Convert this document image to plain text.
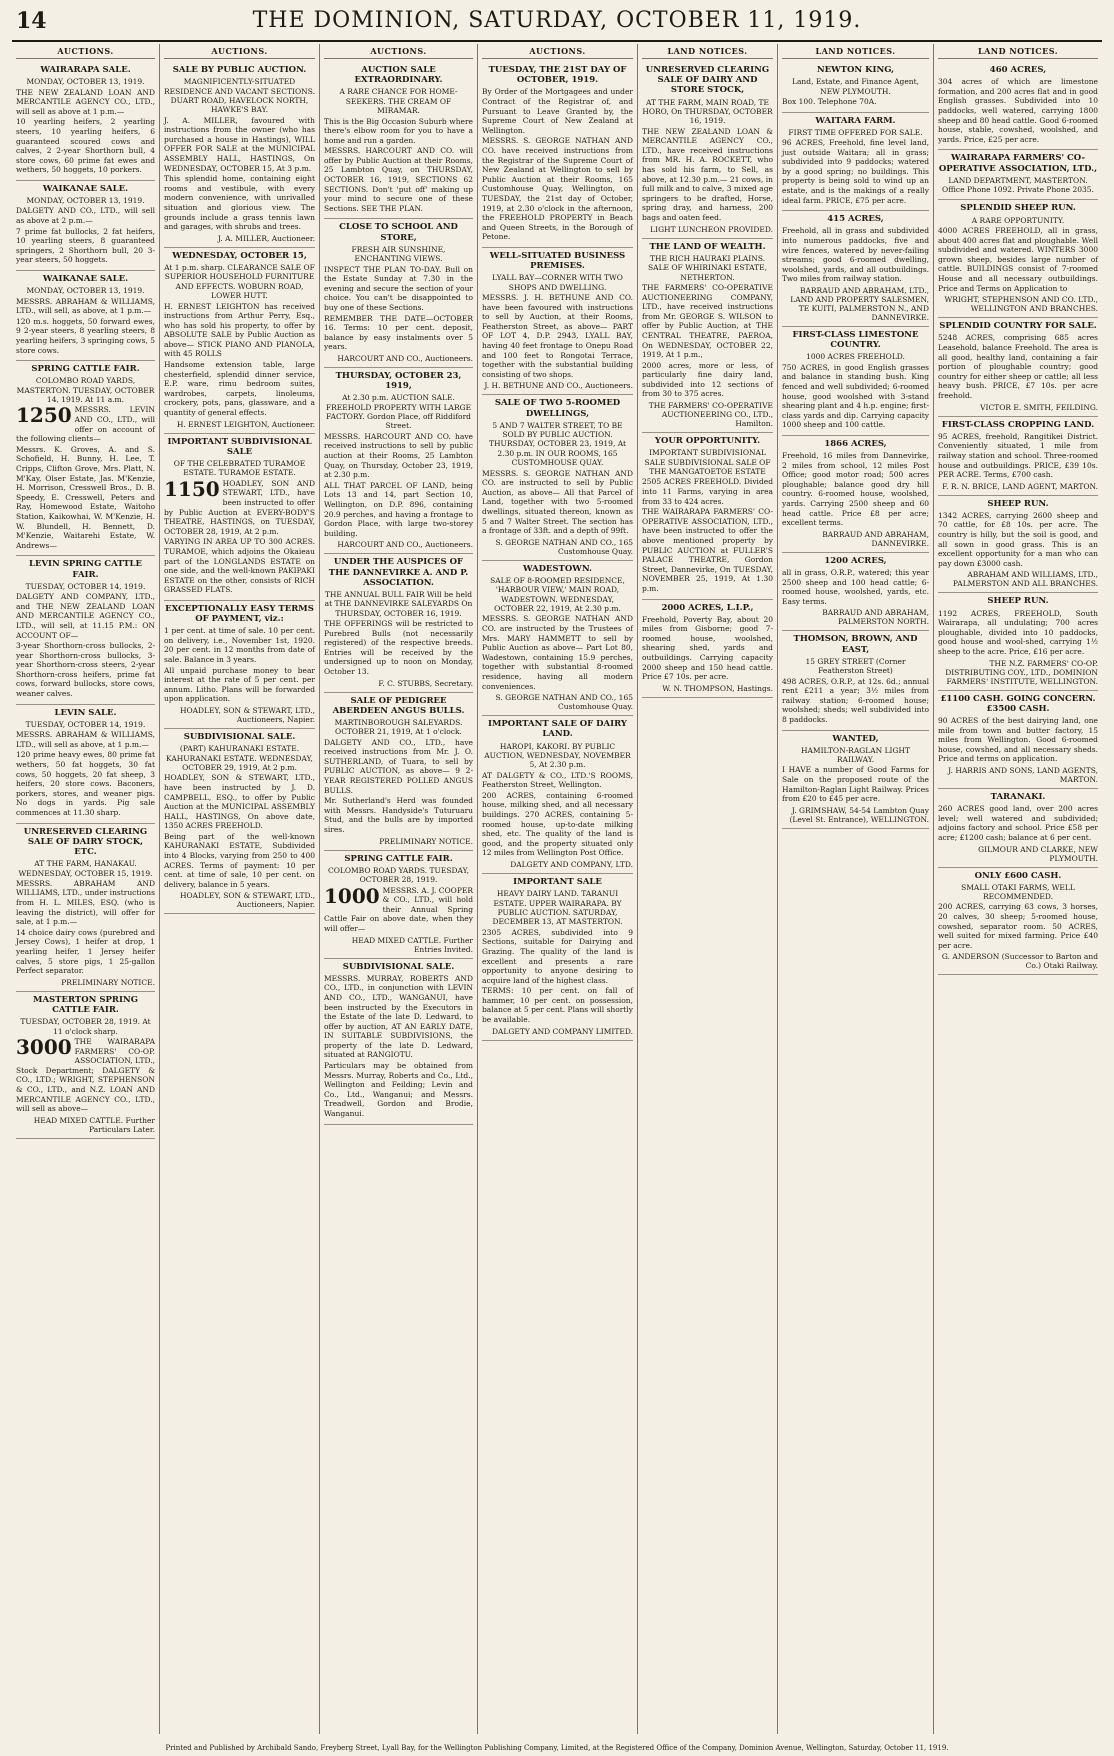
14	THE DOMINION, SATURDAY, OCTOBER 11, 1919.
AUCTIONS.
WAIRARAPA SALE.
MONDAY, OCTOBER 13, 1919.

THE NEW ZEALAND LOAN AND MERCANTILE AGENCY CO., LTD., will sell as above at 1 p.m.—

10 yearling heifers, 2 yearling steers, 10 yearling heifers, 6 guaranteed scoured cows and calves, 2 2-year Shorthorn bull, 4 store cows, 60 prime fat ewes and wethers, 50 hoggets, 10 porkers.

WAIKANAE SALE.
MONDAY, OCTOBER 13, 1919.

DALGETY AND CO., LTD., will sell as above at 2 p.m.—

7 prime fat bullocks, 2 fat heifers, 10 yearling steers, 8 guaranteed springers, 2 Shorthorn bull, 20 3-year steers, 50 hoggets.

WAIKANAE SALE.
MONDAY, OCTOBER 13, 1919.

MESSRS. ABRAHAM & WILLIAMS, LTD., will sell, as above, at 1 p.m.—

120 m.s. hoggets, 50 forward ewes, 9 2-year steers, 8 yearling steers, 8 yearling heifers, 3 springing cows, 5 store cows.

SPRING CATTLE FAIR.
COLOMBO ROAD YARDS, MASTERTON. TUESDAY, OCTOBER 14, 1919. At 11 a.m.
1250 MESSRS. LEVIN AND CO., LTD., will offer on account of the following clients—

Messrs. K. Groves, A. and S. Schofield, H. Bunny, H. Lee, T. Cripps, Clifton Grove, Mrs. Platt, N. M'Kay, Olser Estate, Jas. M'Kenzie, H. Morrison, Cresswell Bros., D. B. Speedy, E. Cresswell, Peters and Ray, Homewood Estate, Waitoho Station, Kaikowhai, W. M'Kenzie, H. W. Blundell, H. Bennett, D. M'Kenzie, Waitarehi Estate, W. Andrews—

LEVIN SPRING CATTLE FAIR.
TUESDAY, OCTOBER 14, 1919.

DALGETY AND COMPANY, LTD., and THE NEW ZEALAND LOAN AND MERCANTILE AGENCY CO., LTD., will sell, at 11.15 P.M.: ON ACCOUNT OF—

3-year Shorthorn-cross bullocks, 2-year Shorthorn-cross bullocks, 3-year Shorthorn-cross steers, 2-year Shorthorn-cross heifers, prime fat cows, forward bullocks, store cows, weaner calves.

LEVIN SALE.
TUESDAY, OCTOBER 14, 1919.

MESSRS. ABRAHAM & WILLIAMS, LTD., will sell as above, at 1 p.m.—

120 prime heavy ewes, 80 prime fat wethers, 50 fat hoggets, 30 fat cows, 50 hoggets, 20 fat sheep, 3 heifers, 20 store cows. Baconers, porkers, stores, and weaner pigs. No dogs in yards. Pig sale commences at 11.30 sharp.

UNRESERVED CLEARING SALE OF DAIRY STOCK, ETC.
AT THE FARM, HANAKAU. WEDNESDAY, OCTOBER 15, 1919.

MESSRS. ABRAHAM AND WILLIAMS, LTD., under instructions from H. L. MILES, ESQ. (who is leaving the district), will offer for sale, at 1 p.m.—

14 choice dairy cows (purebred and Jersey Cows), 1 heifer at drop, 1 yearling heifer, 1 Jersey heifer calves, 5 store pigs, 1 25-gallon Perfect separator.

PRELIMINARY NOTICE.
MASTERTON SPRING CATTLE FAIR.
TUESDAY, OCTOBER 28, 1919. At 11 o'clock sharp.
3000 THE WAIRARAPA FARMERS' CO-OP. ASSOCIATION, LTD., Stock Department; DALGETY & CO., LTD.; WRIGHT, STEPHENSON & CO., LTD., and N.Z. LOAN AND MERCANTILE AGENCY CO., LTD., will sell as above—

HEAD MIXED CATTLE. Further Particulars Later.
AUCTIONS.
SALE BY PUBLIC AUCTION.
MAGNIFICENTLY-SITUATED RESIDENCE AND VACANT SECTIONS. DUART ROAD, HAVELOCK NORTH, HAWKE'S BAY.

J. A. MILLER, favoured with instructions from the owner (who has purchased a house in Hastings), WILL OFFER FOR SALE at the MUNICIPAL ASSEMBLY HALL, HASTINGS, On WEDNESDAY, OCTOBER 15, At 3 p.m.

This splendid home, containing eight rooms and vestibule, with every modern convenience, with unrivalled situation and glorious view. The grounds include a grass tennis lawn and garages, with shrubs and trees.

J. A. MILLER, Auctioneer.
WEDNESDAY, OCTOBER 15,
At 1 p.m. sharp. CLEARANCE SALE OF SUPERIOR HOUSEHOLD FURNITURE AND EFFECTS. WOBURN ROAD, LOWER HUTT.

H. ERNEST LEIGHTON has received instructions from Arthur Perry, Esq., who has sold his property, to offer by ABSOLUTE SALE by Public Auction as above— STICK PIANO AND PIANOLA, with 45 ROLLS

Handsome extension table, large chesterfield, splendid dinner service, E.P. ware, rimu bedroom suites, wardrobes, carpets, linoleums, crockery, pots, pans, glassware, and a quantity of general effects.

H. ERNEST LEIGHTON, Auctioneer.
IMPORTANT SUBDIVISIONAL SALE
OF THE CELEBRATED TURAMOE ESTATE. TURAMOE ESTATE.
1150 HOADLEY, SON AND STEWART, LTD., have been instructed to offer by Public Auction at EVERY-BODY'S THEATRE, HASTINGS, on TUESDAY, OCTOBER 28, 1919, At 2 p.m.

VARYING IN AREA UP TO 300 ACRES. TURAMOE, which adjoins the Okaieau part of the LONGLANDS ESTATE on one side, and the well-known PAKIPAKI ESTATE on the other, consists of RICH GRASSED FLATS.

EXCEPTIONALLY EASY TERMS OF PAYMENT, viz.:

1 per cent. at time of sale. 10 per cent. on delivery, i.e., November 1st, 1920. 20 per cent. in 12 months from date of sale. Balance in 3 years.

All unpaid purchase money to bear interest at the rate of 5 per cent. per annum. Litho. Plans will be forwarded upon application.

HOADLEY, SON & STEWART, LTD., Auctioneers, Napier.
SUBDIVISIONAL SALE.
(PART) KAHURANAKI ESTATE. KAHURANAKI ESTATE. WEDNESDAY, OCTOBER 29, 1919, At 2 p.m.

HOADLEY, SON & STEWART, LTD., have been instructed by J. D. CAMPBELL, ESQ., to offer by Public Auction at the MUNICIPAL ASSEMBLY HALL, HASTINGS, On above date, 1350 ACRES FREEHOLD.

Being part of the well-known KAHURANAKI ESTATE, Subdivided into 4 Blocks, varying from 250 to 400 ACRES. Terms of payment: 10 per cent. at time of sale, 10 per cent. on delivery, balance in 5 years.

HOADLEY, SON & STEWART, LTD., Auctioneers, Napier.
AUCTIONS.
AUCTION SALE EXTRAORDINARY.
A RARE CHANCE FOR HOME-SEEKERS. THE CREAM OF MIRAMAR.

This is the Big Occasion Suburb where there's elbow room for you to have a home and run a garden.

MESSRS. HARCOURT AND CO. will offer by Public Auction at their Rooms, 25 Lambton Quay, on THURSDAY, OCTOBER 16, 1919, SECTIONS 62 SECTIONS. Don't 'put off' making up your mind to secure one of these Sections. SEE THE PLAN.

CLOSE TO SCHOOL AND STORE,
FRESH AIR SUNSHINE, ENCHANTING VIEWS.

INSPECT THE PLAN TO-DAY. Bull on the Estate Sunday at 7.30 in the evening and secure the section of your choice. You can't be disappointed to buy one of these Sections.

REMEMBER THE DATE—OCTOBER 16. Terms: 10 per cent. deposit, balance by easy instalments over 5 years.

HARCOURT AND CO., Auctioneers.
THURSDAY, OCTOBER 23, 1919,
At 2.30 p.m. AUCTION SALE. FREEHOLD PROPERTY WITH LARGE FACTORY. Gordon Place, off Riddiford Street.

MESSRS. HARCOURT AND CO. have received instructions to sell by public auction at their Rooms, 25 Lambton Quay, on Thursday, October 23, 1919, at 2.30 p.m.

ALL THAT PARCEL OF LAND, being Lots 13 and 14, part Section 10, Wellington, on D.P. 896, containing 20.9 perches, and having a frontage to Gordon Place, with large two-storey building.

HARCOURT AND CO., Auctioneers.
UNDER THE AUSPICES OF THE DANNEVIRKE A. AND P. ASSOCIATION.
THE ANNUAL BULL FAIR Will be held at THE DANNEVIRKE SALEYARDS On THURSDAY, OCTOBER 16, 1919.

THE OFFERINGS will be restricted to Purebred Bulls (not necessarily registered) of the respective breeds. Entries will be received by the undersigned up to noon on Monday, October 13.

F. C. STUBBS, Secretary.
SALE OF PEDIGREE ABERDEEN ANGUS BULLS.
MARTINBOROUGH SALEYARDS. OCTOBER 21, 1919, At 1 o'clock.

DALGETY AND CO., LTD., have received instructions from Mr. J. O. SUTHERLAND, of Tuara, to sell by PUBLIC AUCTION, as above— 9 2-YEAR REGISTERED POLLED ANGUS BULLS.

Mr. Sutherland's Herd was founded with Messrs. Handyside's Tuturuaru Stud, and the bulls are by imported sires.

PRELIMINARY NOTICE.
SPRING CATTLE FAIR.
COLOMBO ROAD YARDS. TUESDAY, OCTOBER 28, 1919.
1000 MESSRS. A. J. COOPER & CO., LTD., will hold their Annual Spring Cattle Fair on above date, when they will offer—

HEAD MIXED CATTLE. Further Entries Invited.
SUBDIVISIONAL SALE.

MESSRS. MURRAY, ROBERTS AND CO., LTD., in conjunction with LEVIN AND CO., LTD., WANGANUI, have been instructed by the Executors in the Estate of the late D. Ledward, to offer by auction, AT AN EARLY DATE, IN SUITABLE SUBDIVISIONS, the property of the late D. Ledward, situated at RANGIOTU.

Particulars may be obtained from Messrs. Murray, Roberts and Co., Ltd., Wellington and Feilding; Levin and Co., Ltd., Wanganui; and Messrs. Treadwell, Gordon and Brodie, Wanganui.

AUCTIONS.
TUESDAY, THE 21ST DAY OF OCTOBER, 1919.

By Order of the Mortgagees and under Contract of the Registrar of, and Pursuant to Leave Granted by, the Supreme Court of New Zealand at Wellington.

MESSRS. S. GEORGE NATHAN AND CO. have received instructions from the Registrar of the Supreme Court of New Zealand at Wellington to sell by Public Auction at their Rooms, 165 Customhouse Quay, Wellington, on TUESDAY, the 21st day of October, 1919, at 2.30 o'clock in the afternoon, the FREEHOLD PROPERTY in Beach and Queen Streets, in the Borough of Petone.

WELL-SITUATED BUSINESS PREMISES.
LYALL BAY—CORNER WITH TWO SHOPS AND DWELLING.

MESSRS. J. H. BETHUNE AND CO. have been favoured with instructions to sell by Auction, at their Rooms, Featherston Street, as above— PART OF LOT 4, D.P. 2943, LYALL BAY, having 40 feet frontage to Onepu Road and 100 feet to Rongotai Terrace, together with the substantial building consisting of two shops.

J. H. BETHUNE AND CO., Auctioneers.
SALE OF TWO 5-ROOMED DWELLINGS,
5 AND 7 WALTER STREET, TO BE SOLD BY PUBLIC AUCTION. THURSDAY, OCTOBER 23, 1919, At 2.30 p.m. IN OUR ROOMS, 165 CUSTOMHOUSE QUAY.

MESSRS. S. GEORGE NATHAN AND CO. are instructed to sell by Public Auction, as above— All that Parcel of Land, together with two 5-roomed dwellings, situated thereon, known as 5 and 7 Walter Street. The section has a frontage of 33ft. and a depth of 99ft.

S. GEORGE NATHAN AND CO., 165 Customhouse Quay.
WADESTOWN.
SALE OF 8-ROOMED RESIDENCE, 'HARBOUR VIEW,' MAIN ROAD, WADESTOWN. WEDNESDAY, OCTOBER 22, 1919, At 2.30 p.m.

MESSRS. S. GEORGE NATHAN AND CO. are instructed by the Trustees of Mrs. MARY HAMMETT to sell by Public Auction as above— Part Lot 80, Wadestown, containing 15.9 perches, together with substantial 8-roomed residence, having all modern conveniences.

S. GEORGE NATHAN AND CO., 165 Customhouse Quay.
IMPORTANT SALE OF DAIRY LAND.
HAROPI, KAKORI. BY PUBLIC AUCTION, WEDNESDAY, NOVEMBER 5, At 2.30 p.m.

AT DALGETY & CO., LTD.'S ROOMS, Featherston Street, Wellington.

200 ACRES, containing 6-roomed house, milking shed, and all necessary buildings. 270 ACRES, containing 5-roomed house, up-to-date milking shed, etc. The quality of the land is good, and the property situated only 12 miles from Wellington Post Office.

DALGETY AND COMPANY, LTD.
IMPORTANT SALE
HEAVY DAIRY LAND. TARANUI ESTATE. UPPER WAIRARAPA. BY PUBLIC AUCTION. SATURDAY, DECEMBER 13, AT MASTERTON.

2305 ACRES, subdivided into 9 Sections, suitable for Dairying and Grazing. The quality of the land is excellent and presents a rare opportunity to anyone desiring to acquire land of the highest class.

TERMS: 10 per cent. on fall of hammer, 10 per cent. on possession, balance at 5 per cent. Plans will shortly be available.

DALGETY AND COMPANY LIMITED.
LAND NOTICES.
UNRESERVED CLEARING SALE OF DAIRY AND STORE STOCK,
AT THE FARM, MAIN ROAD, TE HORO, On THURSDAY, OCTOBER 16, 1919.

THE NEW ZEALAND LOAN & MERCANTILE AGENCY CO., LTD., have received instructions from MR. H. A. ROCKETT, who has sold his farm, to Sell, as above, at 12.30 p.m.— 21 cows, in full milk and to calve, 3 mixed age springers to be drafted, Horse, spring dray, and harness, 200 bags and oaten feed.

LIGHT LUNCHEON PROVIDED.
THE LAND OF WEALTH.
THE RICH HAURAKI PLAINS. SALE OF WHIRINAKI ESTATE, NETHERTON.

THE FARMERS' CO-OPERATIVE AUCTIONEERING COMPANY, LTD., have received instructions from Mr. GEORGE S. WILSON to offer by Public Auction, at THE CENTRAL THEATRE, PAEROA, On WEDNESDAY, OCTOBER 22, 1919, At 1 p.m.,

2000 acres, more or less, of particularly fine dairy land, subdivided into 12 sections of from 30 to 375 acres.

THE FARMERS' CO-OPERATIVE AUCTIONEERING CO., LTD., Hamilton.
YOUR OPPORTUNITY.
IMPORTANT SUBDIVISIONAL SALE SUBDIVISIONAL SALE OF THE MANGATOETOE ESTATE

2505 ACRES FREEHOLD. Divided into 11 Farms, varying in area from 33 to 424 acres.

THE WAIRARAPA FARMERS' CO-OPERATIVE ASSOCIATION, LTD., have been instructed to offer the above mentioned property by PUBLIC AUCTION at FULLER'S PALACE THEATRE, Gordon Street, Dannevirke, On TUESDAY, NOVEMBER 25, 1919, At 1.30 p.m.

2000 ACRES, L.I.P.,

Freehold, Poverty Bay, about 20 miles from Gisborne; good 7-roomed house, woolshed, shearing shed, yards and outbuildings. Carrying capacity 2000 sheep and 150 head cattle. Price £7 10s. per acre.

W. N. THOMPSON, Hastings.
LAND NOTICES.
NEWTON KING,
Land, Estate, and Finance Agent, NEW PLYMOUTH.

Box 100. Telephone 70A.

WAITARA FARM.
FIRST TIME OFFERED FOR SALE.

96 ACRES, Freehold, fine level land, just outside Waitara; all in grass; subdivided into 9 paddocks; watered by a good spring; no buildings. This property is being sold to wind up an estate, and is the makings of a really ideal farm. PRICE, £75 per acre.

415 ACRES,

Freehold, all in grass and subdivided into numerous paddocks, five and wire fences, watered by never-failing streams; good 6-roomed dwelling, woolshed, yards, and all outbuildings. Two miles from railway station.

BARRAUD AND ABRAHAM, LTD., LAND AND PROPERTY SALESMEN, TE KUITI, PALMERSTON N., AND DANNEVIRKE.
FIRST-CLASS LIMESTONE COUNTRY.
1000 ACRES FREEHOLD.

750 ACRES, in good English grasses and balance in standing bush. King fenced and well subdivided; 6-roomed house, good woolshed with 3-stand shearing plant and 4 h.p. engine; first-class yards and dip. Carrying capacity 1000 sheep and 100 cattle.

1866 ACRES,

Freehold, 16 miles from Dannevirke, 2 miles from school, 12 miles Post Office; good motor road; 500 acres ploughable; balance good dry hill country. 6-roomed house, woolshed, yards. Carrying 2500 sheep and 60 head cattle. Price £8 per acre; excellent terms.

BARRAUD AND ABRAHAM, DANNEVIRKE.
1200 ACRES,

all in grass, O.R.P., watered; this year 2500 sheep and 100 head cattle; 6-roomed house, woolshed, yards, etc. Easy terms.

BARRAUD AND ABRAHAM, PALMERSTON NORTH.
THOMSON, BROWN, AND EAST,
15 GREY STREET (Corner Featherston Street)

498 ACRES, O.R.P., at 12s. 6d.; annual rent £211 a year; 3½ miles from railway station; 6-roomed house; woolshed; sheds; well subdivided into 8 paddocks.

WANTED,
HAMILTON-RAGLAN LIGHT RAILWAY.

I HAVE a number of Good Farms for Sale on the proposed route of the Hamilton-Raglan Light Railway. Prices from £20 to £45 per acre.

J. GRIMSHAW, 54-54 Lambton Quay (Level St. Entrance), WELLINGTON.
LAND NOTICES.
460 ACRES,

304 acres of which are limestone formation, and 200 acres flat and in good English grasses. Subdivided into 10 paddocks, well watered, carrying 1800 sheep and 80 head cattle. Good 6-roomed house, stable, cowshed, woolshed, and yards. Price, £25 per acre.

WAIRARAPA FARMERS' CO-OPERATIVE ASSOCIATION, LTD.,
LAND DEPARTMENT, MASTERTON. Office Phone 1092. Private Phone 2035.
SPLENDID SHEEP RUN.
A RARE OPPORTUNITY.

4000 ACRES FREEHOLD, all in grass, about 400 acres flat and ploughable. Well subdivided and watered. WINTERS 3000 grown sheep, besides large number of cattle. BUILDINGS consist of 7-roomed House and all necessary outbuildings. Price and Terms on Application to

WRIGHT, STEPHENSON AND CO. LTD., WELLINGTON AND BRANCHES.
SPLENDID COUNTRY FOR SALE.

5248 ACRES, comprising 685 acres Leasehold, balance Freehold. The area is all good, healthy land, containing a fair portion of ploughable country; good country for either sheep or cattle; all less heavy bush. PRICE, £7 10s. per acre freehold.

VICTOR E. SMITH, FEILDING.
FIRST-CLASS CROPPING LAND.

95 ACRES, freehold, Rangitikei District. Conveniently situated, 1 mile from railway station and school. Three-roomed house and outbuildings. PRICE, £39 10s. PER ACRE. Terms, £700 cash.

F. R. N. BRICE, LAND AGENT, MARTON.
SHEEP RUN.

1342 ACRES, carrying 2600 sheep and 70 cattle, for £8 10s. per acre. The country is hilly, but the soil is good, and all sown in good grass. This is an excellent opportunity for a man who can pay down £3000 cash.

ABRAHAM AND WILLIAMS, LTD., PALMERSTON AND ALL BRANCHES.
SHEEP RUN.

1192 ACRES, FREEHOLD, South Wairarapa, all undulating; 700 acres ploughable, divided into 10 paddocks, good house and wool-shed, carrying 1½ sheep to the acre. Price, £16 per acre.

THE N.Z. FARMERS' CO-OP. DISTRIBUTING COY., LTD., DOMINION FARMERS' INSTITUTE, WELLINGTON.
£1100 CASH. GOING CONCERN. £3500 CASH.

90 ACRES of the best dairying land, one mile from town and butter factory, 15 miles from Wellington. Good 6-roomed house, cowshed, and all necessary sheds. Price and terms on application.

J. HARRIS AND SONS, LAND AGENTS, MARTON.
TARANAKI.

260 ACRES good land, over 200 acres level; well watered and subdivided; adjoins factory and school. Price £58 per acre; £1200 cash; balance at 6 per cent.

GILMOUR AND CLARKE, NEW PLYMOUTH.
ONLY £600 CASH.
SMALL OTAKI FARMS, WELL RECOMMENDED.

200 ACRES, carrying 63 cows, 3 horses, 20 calves, 30 sheep; 5-roomed house, cowshed, separator room. 50 ACRES, well suited for mixed farming. Price £40 per acre.

G. ANDERSON (Successor to Barton and Co.) Otaki Railway.
Printed and Published by Archibald Sando, Freyberg Street, Lyall Bay, for the Wellington Publishing Company, Limited, at the Registered Office of the Company, Dominion Avenue, Wellington, Saturday, October 11, 1919.
